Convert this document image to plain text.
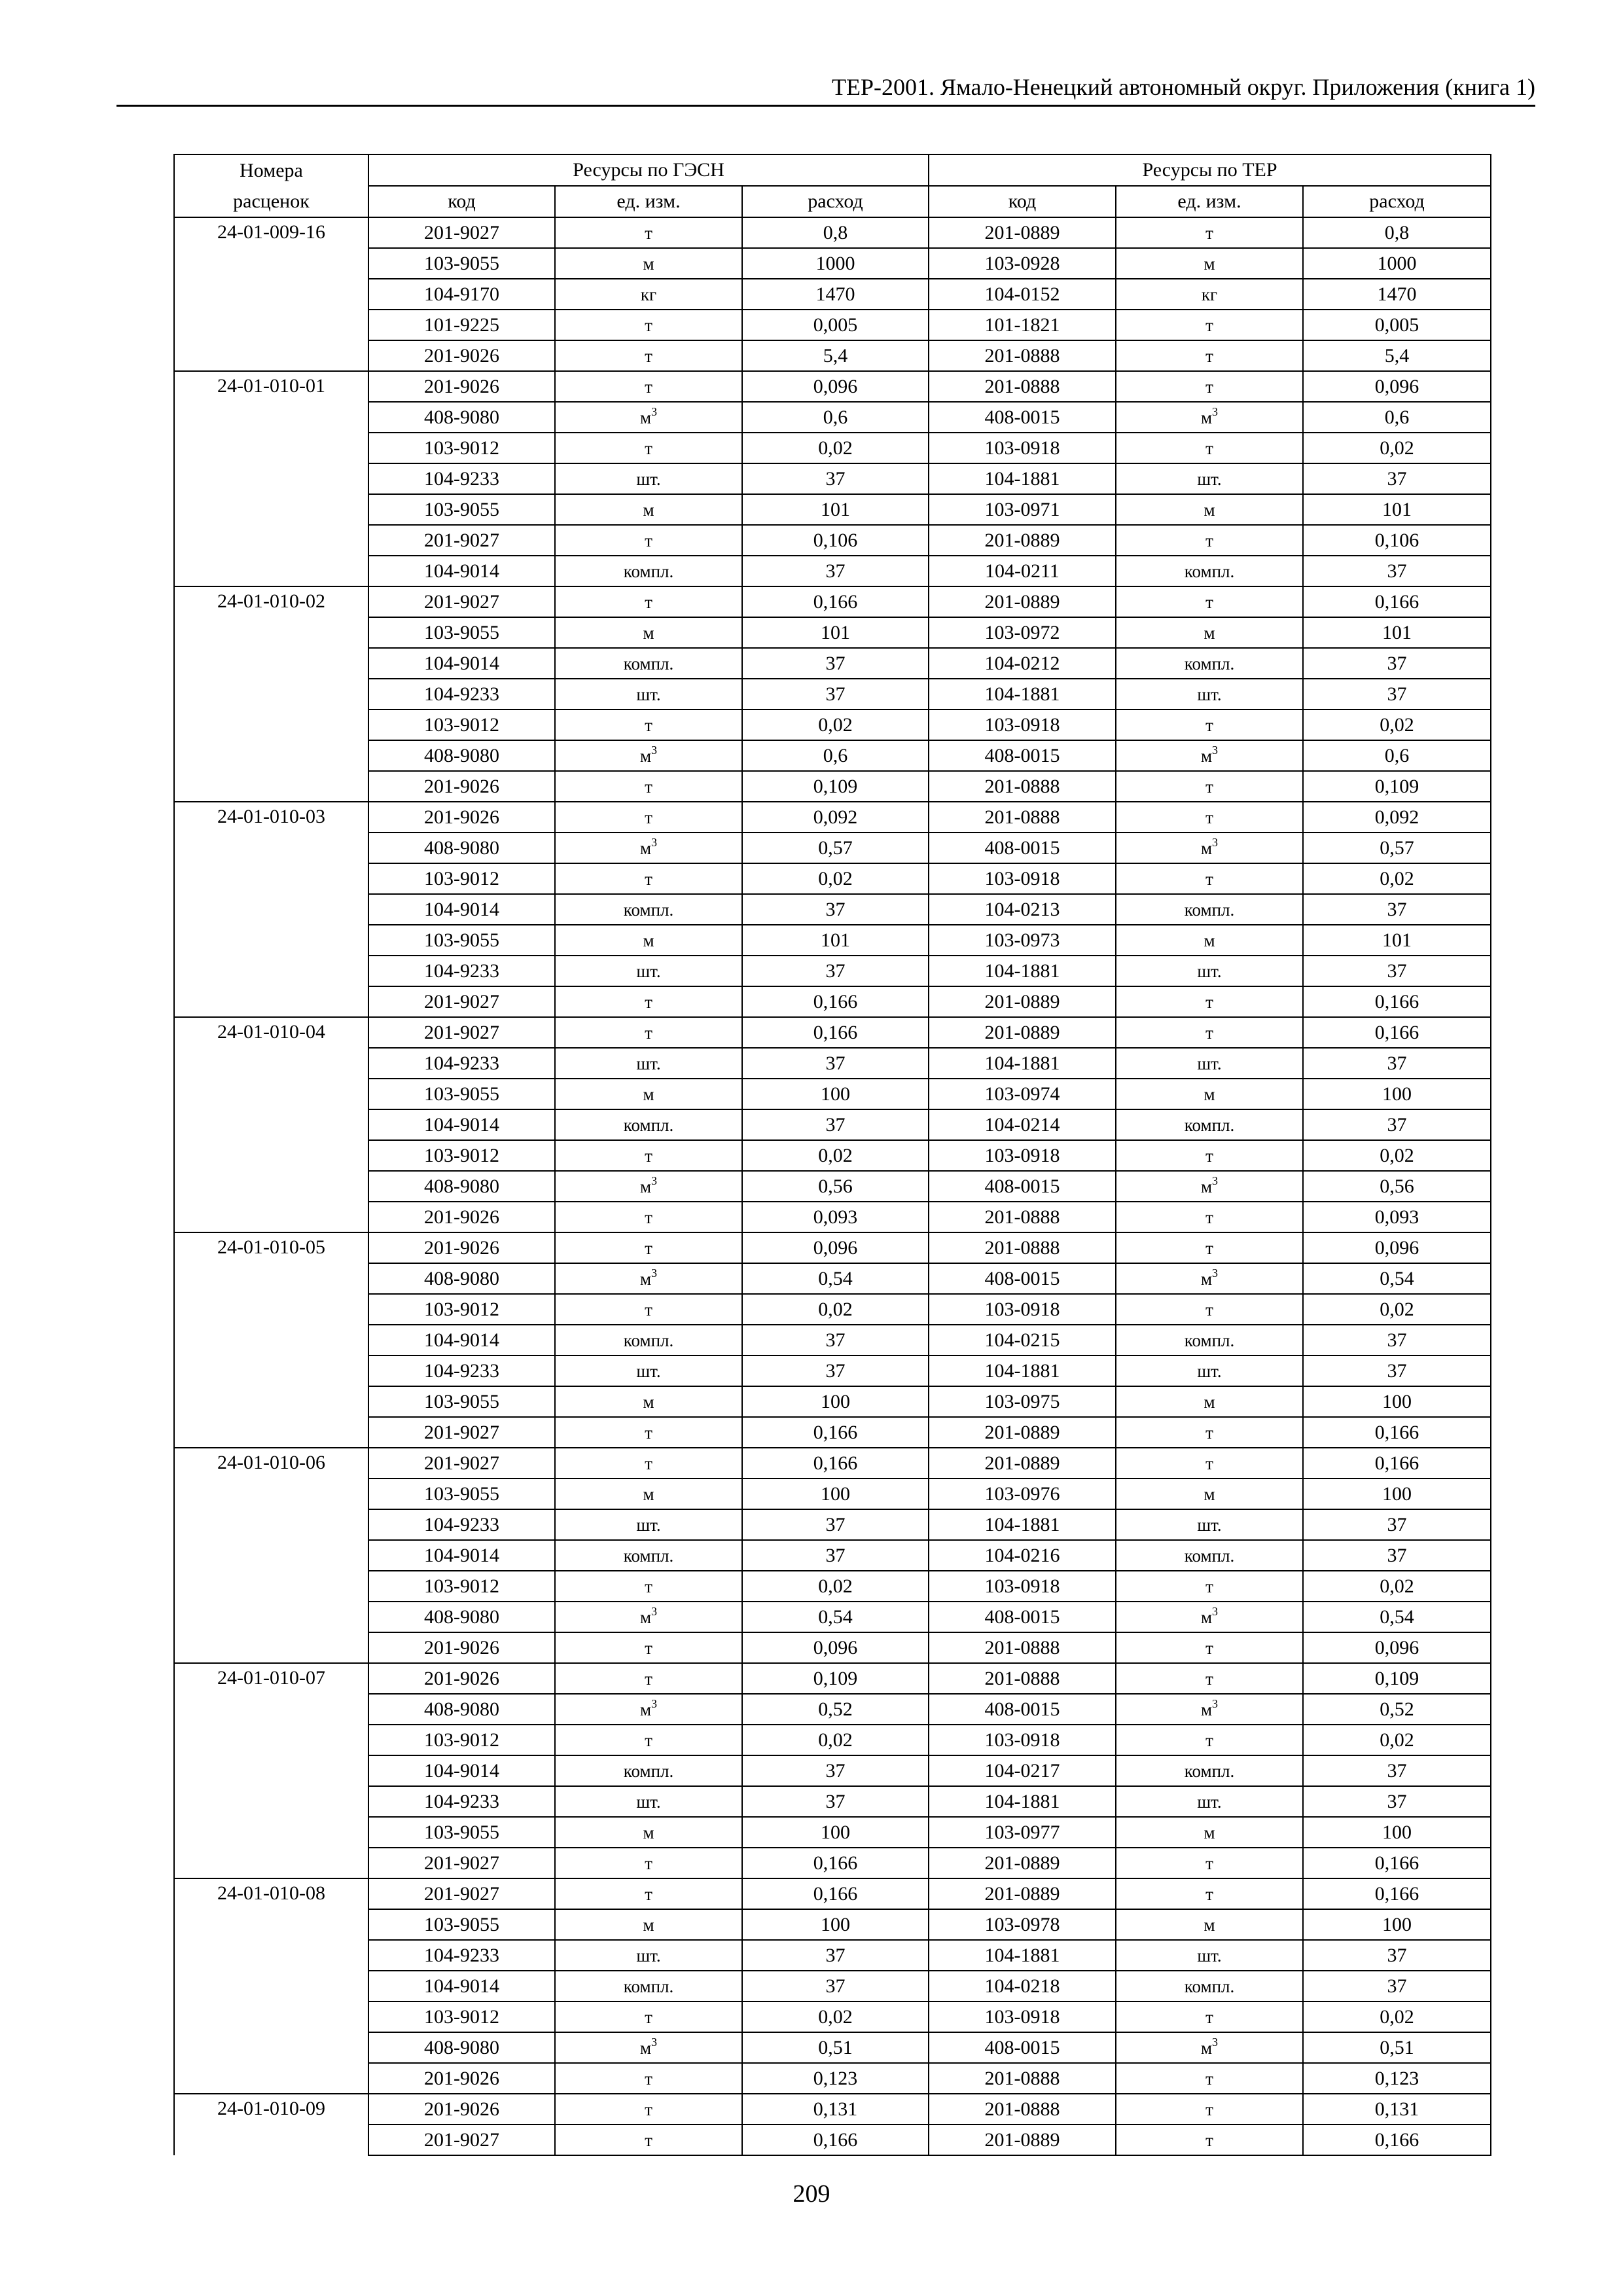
ТЕР-2001. Ямало-Ненецкий автономный округ. Приложения (книга 1)
Номера	Ресурсы по ГЭСН			Ресурсы по ТЕР		
расценок	код	ед. изм.	расход	код	ед. изм.	расход
24-01-009-16	201-9027	т	0,8	201-0889	т	0,8
	103-9055	м	1000	103-0928	м	1000
	104-9170	кг	1470	104-0152	кг	1470
	101-9225	т	0,005	101-1821	т	0,005
	201-9026	т	5,4	201-0888	т	5,4
24-01-010-01	201-9026	т	0,096	201-0888	т	0,096
	408-9080	$м^3$	0,6	408-0015	$м^3$	0,6
	103-9012	т	0,02	103-0918	т	0,02
	104-9233	шт.	37	104-1881	шт.	37
	103-9055	м	101	103-0971	м	101
	201-9027	т	0,106	201-0889	т	0,106
	104-9014	компл.	37	104-0211	компл.	37
24-01-010-02	201-9027	т	0,166	201-0889	т	0,166
	103-9055	м	101	103-0972	м	101
	104-9014	компл.	37	104-0212	компл.	37
	104-9233	шт.	37	104-1881	шт.	37
	103-9012	т	0,02	103-0918	т	0,02
	408-9080	$м^3$	0,6	408-0015	$м^3$	0,6
	201-9026	т	0,109	201-0888	т	0,109
24-01-010-03	201-9026	т	0,092	201-0888	т	0,092
	408-9080	$м^3$	0,57	408-0015	$м^3$	0,57
	103-9012	т	0,02	103-0918	т	0,02
	104-9014	компл.	37	104-0213	компл.	37
	103-9055	м	101	103-0973	м	101
	104-9233	шт.	37	104-1881	шт.	37
	201-9027	т	0,166	201-0889	т	0,166
24-01-010-04	201-9027	т	0,166	201-0889	т	0,166
	104-9233	шт.	37	104-1881	шт.	37
	103-9055	м	100	103-0974	м	100
	104-9014	компл.	37	104-0214	компл.	37
	103-9012	т	0,02	103-0918	т	0,02
	408-9080	$м^3$	0,56	408-0015	$м^3$	0,56
	201-9026	т	0,093	201-0888	т	0,093
24-01-010-05	201-9026	т	0,096	201-0888	т	0,096
	408-9080	$м^3$	0,54	408-0015	$м^3$	0,54
	103-9012	т	0,02	103-0918	т	0,02
	104-9014	компл.	37	104-0215	компл.	37
	104-9233	шт.	37	104-1881	шт.	37
	103-9055	м	100	103-0975	м	100
	201-9027	т	0,166	201-0889	т	0,166
24-01-010-06	201-9027	т	0,166	201-0889	т	0,166
	103-9055	м	100	103-0976	м	100
	104-9233	шт.	37	104-1881	шт.	37
	104-9014	компл.	37	104-0216	компл.	37
	103-9012	т	0,02	103-0918	т	0,02
	408-9080	$м^3$	0,54	408-0015	$м^3$	0,54
	201-9026	т	0,096	201-0888	т	0,096
24-01-010-07	201-9026	т	0,109	201-0888	т	0,109
	408-9080	$м^3$	0,52	408-0015	$м^3$	0,52
	103-9012	т	0,02	103-0918	т	0,02
	104-9014	компл.	37	104-0217	компл.	37
	104-9233	шт.	37	104-1881	шт.	37
	103-9055	м	100	103-0977	м	100
	201-9027	т	0,166	201-0889	т	0,166
24-01-010-08	201-9027	т	0,166	201-0889	т	0,166
	103-9055	м	100	103-0978	м	100
	104-9233	шт.	37	104-1881	шт.	37
	104-9014	компл.	37	104-0218	компл.	37
	103-9012	т	0,02	103-0918	т	0,02
	408-9080	$м^3$	0,51	408-0015	$м^3$	0,51
	201-9026	т	0,123	201-0888	т	0,123
24-01-010-09	201-9026	т	0,131	201-0888	т	0,131
	201-9027	т	0,166	201-0889	т	0,166
209
